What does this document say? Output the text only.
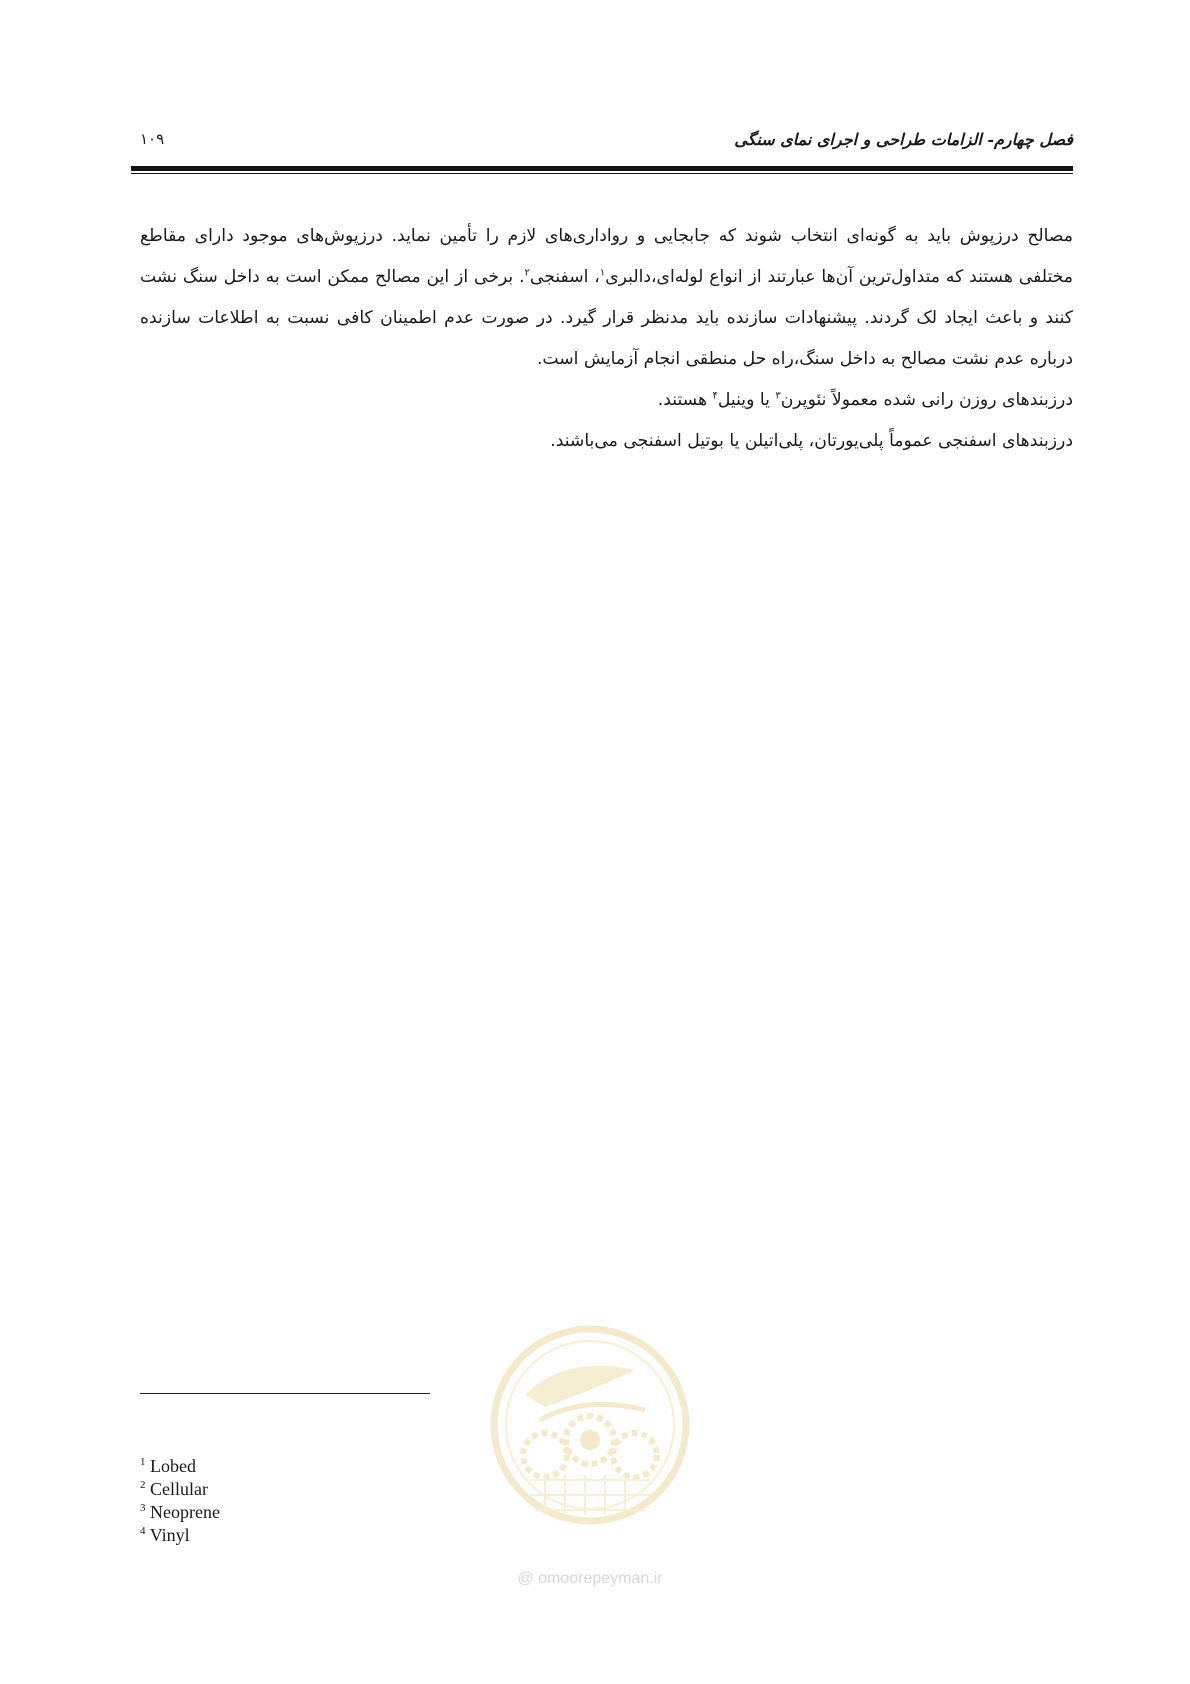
فصل چهارم- الزامات طراحی و اجرای نمای سنگی
۱۰۹

مصالح درزپوش باید به گونه‌ای انتخاب شوند که جابجایی و رواداری‌های لازم را تأمین نماید. درزپوش‌های موجود دارای مقاطع مختلفی هستند که متداول‌ترین آن‌ها عبارتند از انواع لوله‌ای،دالبری$^۱$، اسفنجی$^۲$. برخی از این مصالح ممکن است به داخل سنگ نشت کنند و باعث ایجاد لک گردند. پیشنهادات سازنده باید مدنظر قرار گیرد. در صورت عدم اطمینان کافی نسبت به اطلاعات سازنده درباره عدم نشت مصالح به داخل سنگ،راه حل منطقی انجام آزمایش است.

درزبندهای روزن رانی شده معمولاً نئوپرن$^۳$ یا وینیل$^۴$ هستند.

درزبندهای اسفنجی عموماً پلی‌یورتان، پلی‌اتیلن یا بوتیل اسفنجی می‌باشند.

$^1$ Lobed
$^2$ Cellular
$^3$ Neoprene
$^4$ Vinyl
@ omoorepeyman.ir
